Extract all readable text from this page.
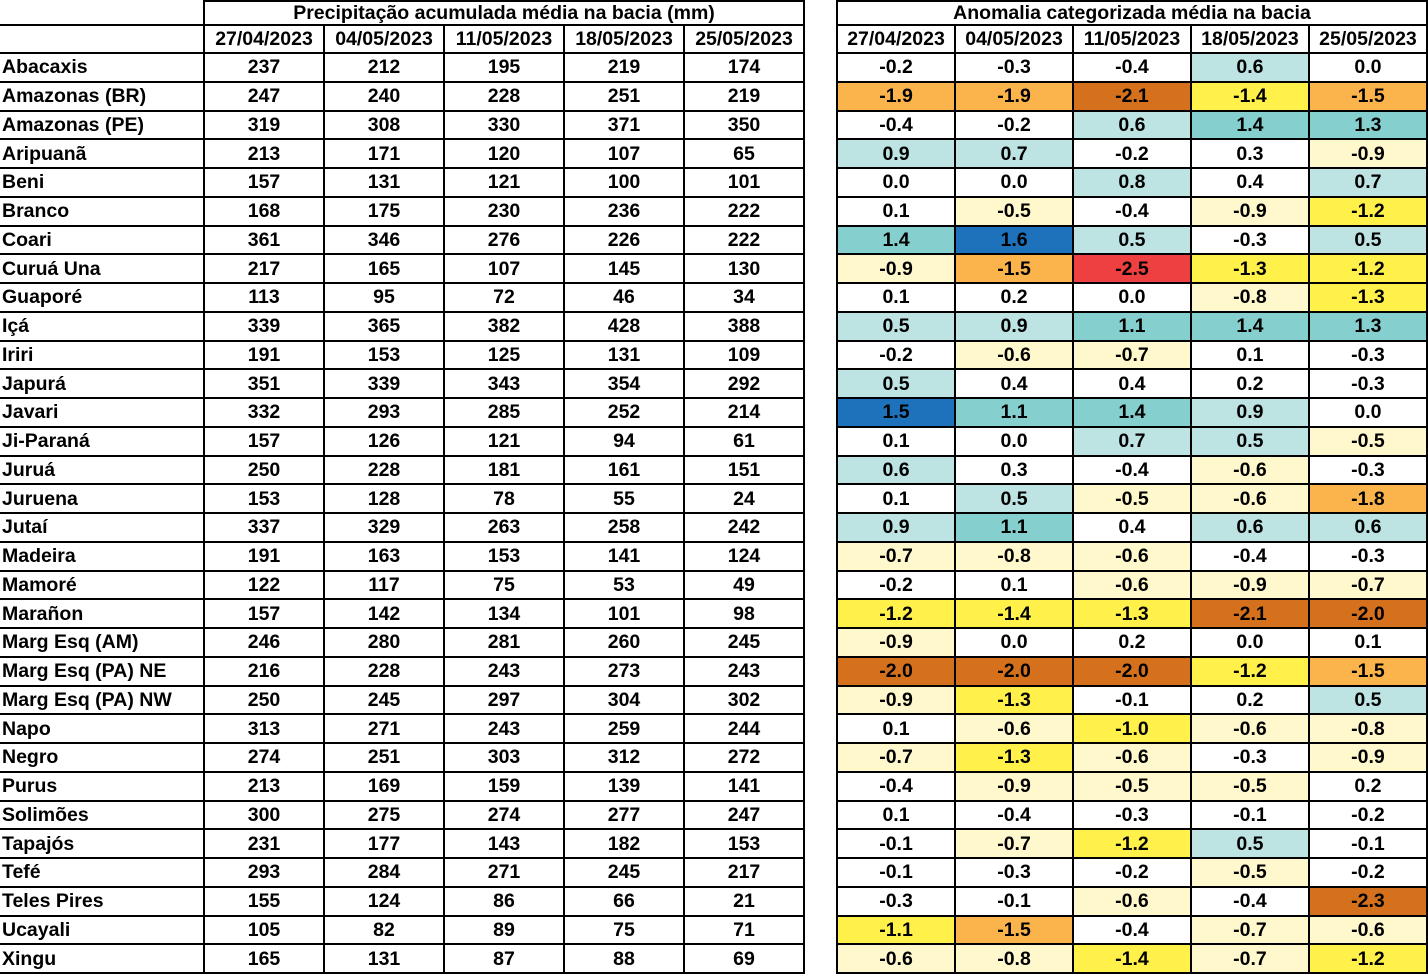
	Precipitação acumulada média na bacia (mm)				
	27/04/2023	04/05/2023	11/05/2023	18/05/2023	25/05/2023
Abacaxis	237	212	195	219	174
Amazonas (BR)	247	240	228	251	219
Amazonas (PE)	319	308	330	371	350
Aripuanã	213	171	120	107	65
Beni	157	131	121	100	101
Branco	168	175	230	236	222
Coari	361	346	276	226	222
Curuá Una	217	165	107	145	130
Guaporé	113	95	72	46	34
Içá	339	365	382	428	388
Iriri	191	153	125	131	109
Japurá	351	339	343	354	292
Javari	332	293	285	252	214
Ji-Paraná	157	126	121	94	61
Juruá	250	228	181	161	151
Juruena	153	128	78	55	24
Jutaí	337	329	263	258	242
Madeira	191	163	153	141	124
Mamoré	122	117	75	53	49
Marañon	157	142	134	101	98
Marg Esq (AM)	246	280	281	260	245
Marg Esq (PA) NE	216	228	243	273	243
Marg Esq (PA) NW	250	245	297	304	302
Napo	313	271	243	259	244
Negro	274	251	303	312	272
Purus	213	169	159	139	141
Solimões	300	275	274	277	247
Tapajós	231	177	143	182	153
Tefé	293	284	271	245	217
Teles Pires	155	124	86	66	21
Ucayali	105	82	89	75	71
Xingu	165	131	87	88	69
Anomalia categorizada média na bacia				
27/04/2023	04/05/2023	11/05/2023	18/05/2023	25/05/2023
-0.2	-0.3	-0.4	0.6	0.0
-1.9	-1.9	-2.1	-1.4	-1.5
-0.4	-0.2	0.6	1.4	1.3
0.9	0.7	-0.2	0.3	-0.9
0.0	0.0	0.8	0.4	0.7
0.1	-0.5	-0.4	-0.9	-1.2
1.4	1.6	0.5	-0.3	0.5
-0.9	-1.5	-2.5	-1.3	-1.2
0.1	0.2	0.0	-0.8	-1.3
0.5	0.9	1.1	1.4	1.3
-0.2	-0.6	-0.7	0.1	-0.3
0.5	0.4	0.4	0.2	-0.3
1.5	1.1	1.4	0.9	0.0
0.1	0.0	0.7	0.5	-0.5
0.6	0.3	-0.4	-0.6	-0.3
0.1	0.5	-0.5	-0.6	-1.8
0.9	1.1	0.4	0.6	0.6
-0.7	-0.8	-0.6	-0.4	-0.3
-0.2	0.1	-0.6	-0.9	-0.7
-1.2	-1.4	-1.3	-2.1	-2.0
-0.9	0.0	0.2	0.0	0.1
-2.0	-2.0	-2.0	-1.2	-1.5
-0.9	-1.3	-0.1	0.2	0.5
0.1	-0.6	-1.0	-0.6	-0.8
-0.7	-1.3	-0.6	-0.3	-0.9
-0.4	-0.9	-0.5	-0.5	0.2
0.1	-0.4	-0.3	-0.1	-0.2
-0.1	-0.7	-1.2	0.5	-0.1
-0.1	-0.3	-0.2	-0.5	-0.2
-0.3	-0.1	-0.6	-0.4	-2.3
-1.1	-1.5	-0.4	-0.7	-0.6
-0.6	-0.8	-1.4	-0.7	-1.2
